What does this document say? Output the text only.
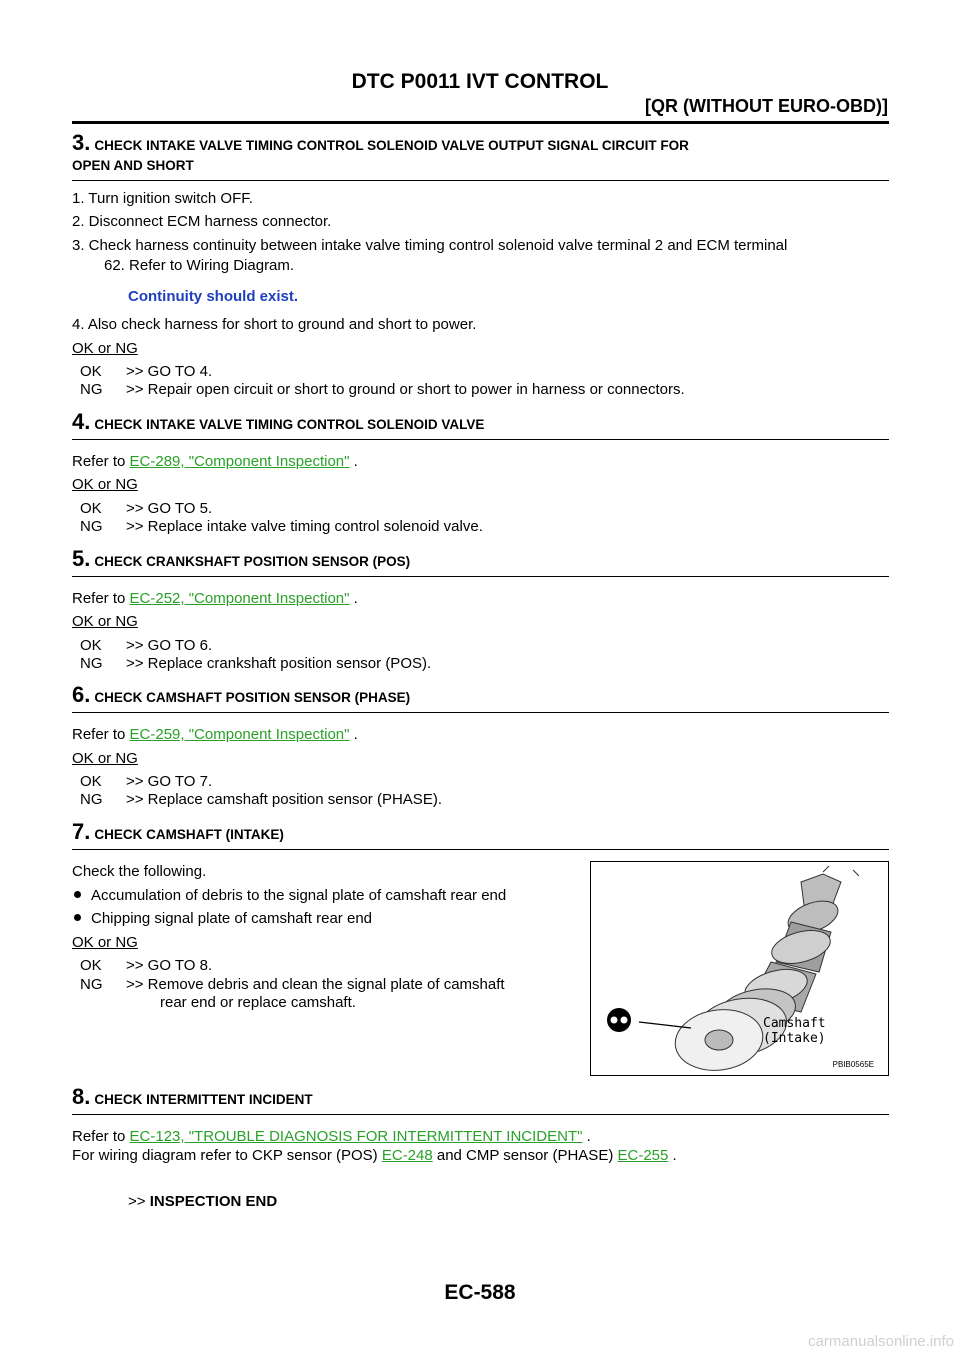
DTC P0011 IVT CONTROL
[QR (WITHOUT EURO-OBD)]
3. CHECK INTAKE VALVE TIMING CONTROL SOLENOID VALVE OUTPUT SIGNAL CIRCUIT FOR
OPEN AND SHORT
1. Turn ignition switch OFF.
2. Disconnect ECM harness connector.
3. Check harness continuity between intake valve timing control solenoid valve terminal 2 and ECM terminal
62. Refer to Wiring Diagram.
Continuity should exist.
4. Also check harness for short to ground and short to power.
OK or NG
OK >> GO TO 4.
NG >> Repair open circuit or short to ground or short to power in harness or connectors.
4. CHECK INTAKE VALVE TIMING CONTROL SOLENOID VALVE
Refer to EC-289, "Component Inspection" .
OK or NG
OK >> GO TO 5.
NG >> Replace intake valve timing control solenoid valve.
5. CHECK CRANKSHAFT POSITION SENSOR (POS)
Refer to EC-252, "Component Inspection" .
OK or NG
OK >> GO TO 6.
NG >> Replace crankshaft position sensor (POS).
6. CHECK CAMSHAFT POSITION SENSOR (PHASE)
Refer to EC-259, "Component Inspection" .
OK or NG
OK >> GO TO 7.
NG >> Replace camshaft position sensor (PHASE).
7. CHECK CAMSHAFT (INTAKE)
Check the following.
Accumulation of debris to the signal plate of camshaft rear end
Chipping signal plate of camshaft rear end
OK or NG
OK >> GO TO 8.
NG >> Remove debris and clean the signal plate of camshaft
rear end or replace camshaft.
Camshaft (Intake)
PBIB0565E
8. CHECK INTERMITTENT INCIDENT
Refer to EC-123, "TROUBLE DIAGNOSIS FOR INTERMITTENT INCIDENT" .
For wiring diagram refer to CKP sensor (POS) EC-248 and CMP sensor (PHASE) EC-255 .
>> INSPECTION END
EC-588
carmanualsonline.info
